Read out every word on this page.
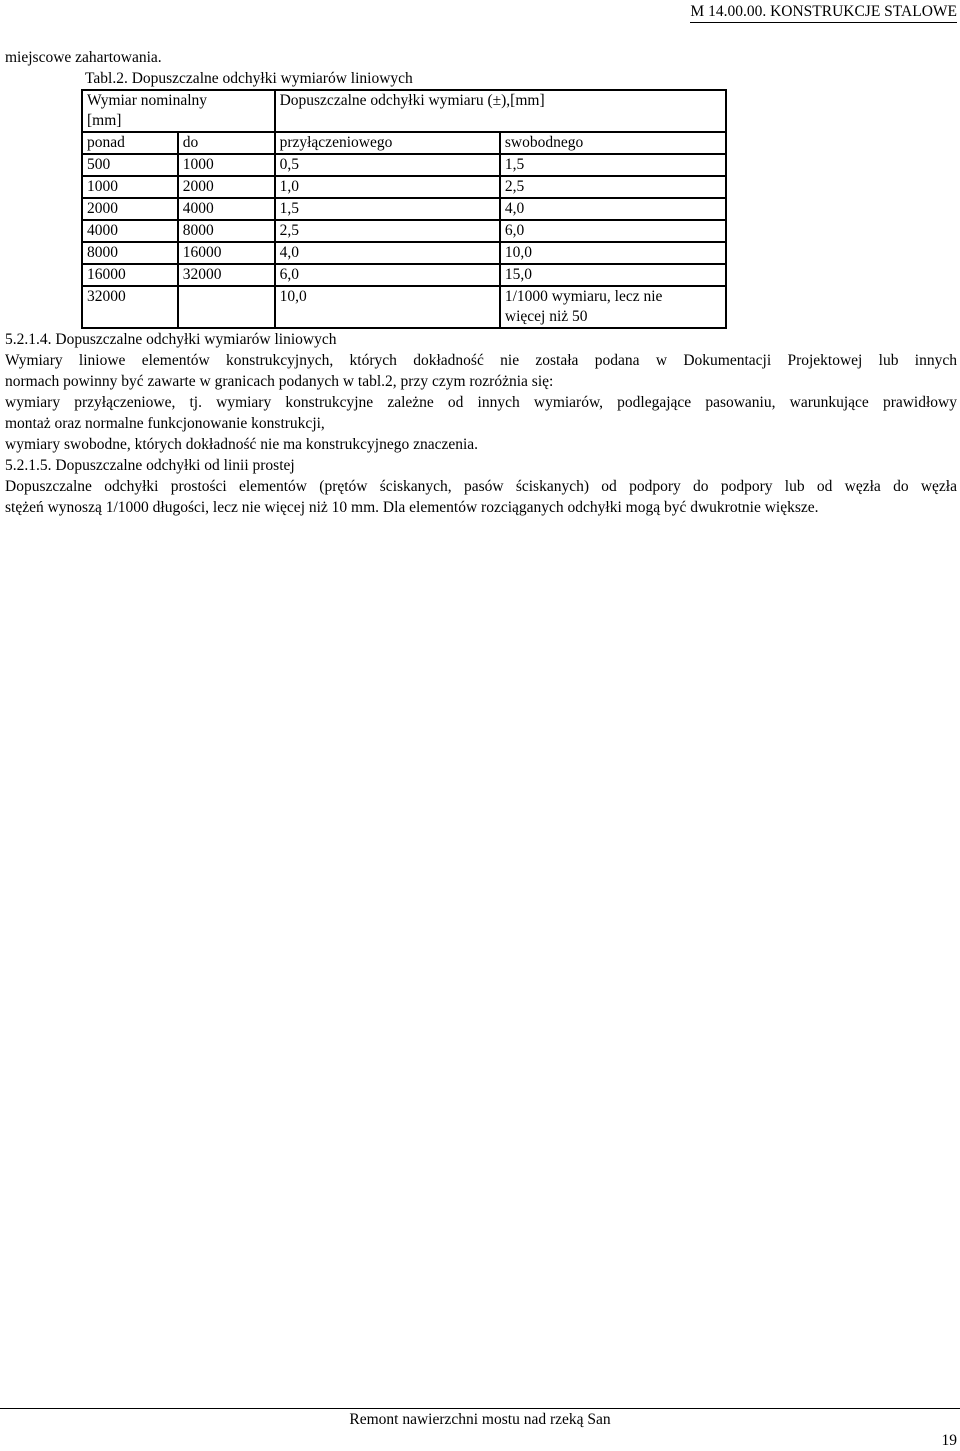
M 14.00.00. KONSTRUKCJE STALOWE
miejscowe zahartowania.
Tabl.2. Dopuszczalne odchyłki wymiarów liniowych
Wymiar nominalny [mm]		Dopuszczalne odchyłki wymiaru (±),[mm]	
ponad	do	przyłączeniowego	swobodnego
500	1000	0,5	1,5
1000	2000	1,0	2,5
2000	4000	1,5	4,0
4000	8000	2,5	6,0
8000	16000	4,0	10,0
16000	32000	6,0	15,0
32000		10,0	1/1000 wymiaru, lecz nie więcej niż 50
5.2.1.4. Dopuszczalne odchyłki wymiarów liniowych
Wymiary liniowe elementów konstrukcyjnych, których dokładność nie została podana w Dokumentacji Projektowej lub innych
normach powinny być zawarte w granicach podanych w tabl.2, przy czym rozróżnia się:
wymiary przyłączeniowe, tj. wymiary konstrukcyjne zależne od innych wymiarów, podlegające pasowaniu, warunkujące prawidłowy
montaż oraz normalne funkcjonowanie konstrukcji,
wymiary swobodne, których dokładność nie ma konstrukcyjnego znaczenia.
5.2.1.5. Dopuszczalne odchyłki od linii prostej
Dopuszczalne odchyłki prostości elementów (prętów ściskanych, pasów ściskanych) od podpory do podpory lub od węzła do węzła
stężeń wynoszą 1/1000 długości, lecz nie więcej niż 10 mm. Dla elementów rozciąganych odchyłki mogą być dwukrotnie większe.
Remont nawierzchni mostu nad rzeką San
19
